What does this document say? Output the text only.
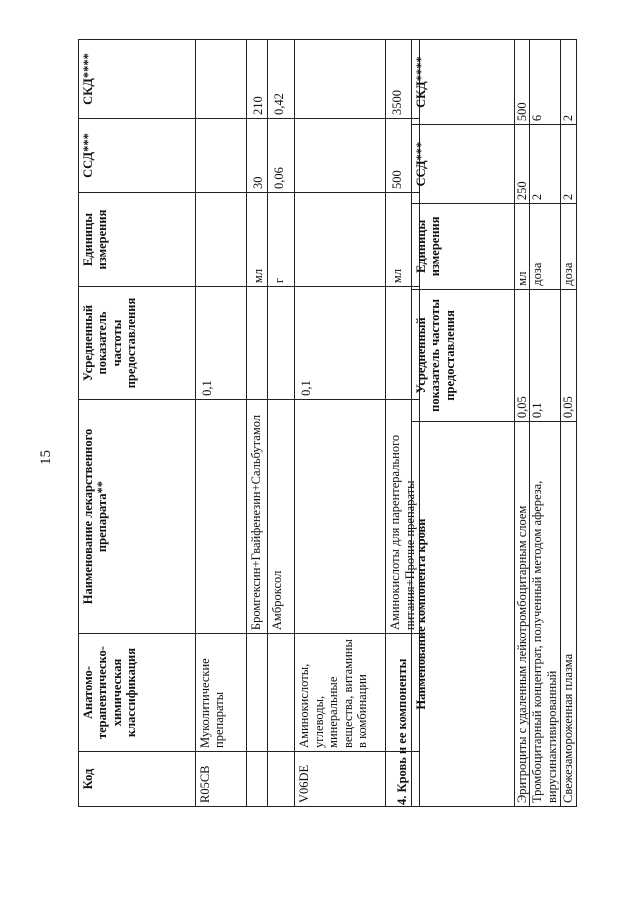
15
Код	Анатомо-терапевтическо-химическая классификация	Наименование лекарственного препарата**	Усредненный показатель частоты предоставления	Единицы измерения	ССД***	СКД****
R05CB	Муколитические препараты		0,1			
		Бромгексин+Гвайфенезин+Сальбутамол		мл	30	210
		Амброксол		г	0,06	0,42
V06DE	Аминокислоты, углеводы, минеральные вещества, витамины в комбинации		0,1			
		Аминокислоты для парентерального питания+Прочие препараты		мл	500	3500
4. Кровь и ее компоненты
Наименование компонента крови	Усредненный показатель частоты предоставления	Единицы измерения	ССД***	СКД****
Эритроциты с удаленным лейкотромбоцитарным слоем	0,05	мл	250	500
Тромбоцитарный концентрат, полученный методом афереза, вирусинактивированный	0,1	доза	2	6
Свежезамороженная плазма	0,05	доза	2	2
